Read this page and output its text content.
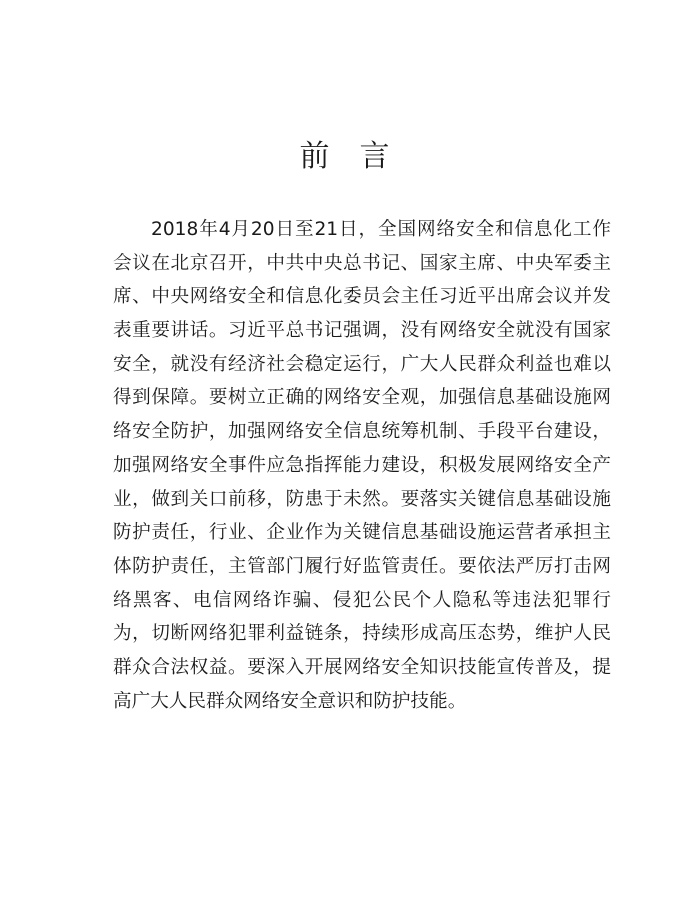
前言
2018年4月20日至21日，全国网络安全和信息化工作
会议在北京召开，中共中央总书记、国家主席、中央军委主
席、中央网络安全和信息化委员会主任习近平出席会议并发
表重要讲话。习近平总书记强调，没有网络安全就没有国家
安全，就没有经济社会稳定运行，广大人民群众利益也难以
得到保障。要树立正确的网络安全观，加强信息基础设施网
络安全防护，加强网络安全信息统筹机制、手段平台建设，
加强网络安全事件应急指挥能力建设，积极发展网络安全产
业，做到关口前移，防患于未然。要落实关键信息基础设施
防护责任，行业、企业作为关键信息基础设施运营者承担主
体防护责任，主管部门履行好监管责任。要依法严厉打击网
络黑客、电信网络诈骗、侵犯公民个人隐私等违法犯罪行
为，切断网络犯罪利益链条，持续形成高压态势，维护人民
群众合法权益。要深入开展网络安全知识技能宣传普及，提
高广大人民群众网络安全意识和防护技能。
